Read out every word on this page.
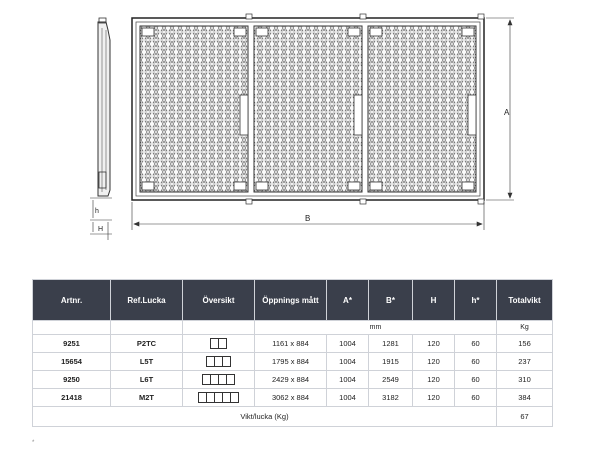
h
H
A
B
Artnr.	Ref.Lucka	Översikt	Öppnings mått	A*	B*	H	h*	Totalvikt
			mm					Kg
9251	P2TC		1161 x 884	1004	1281	120	60	156
15654	L5T		1795 x 884	1004	1915	120	60	237
9250	L6T		2429 x 884	1004	2549	120	60	310
21418	M2T		3062 x 884	1004	3182	120	60	384
Vikt/lucka (Kg)								67
*
